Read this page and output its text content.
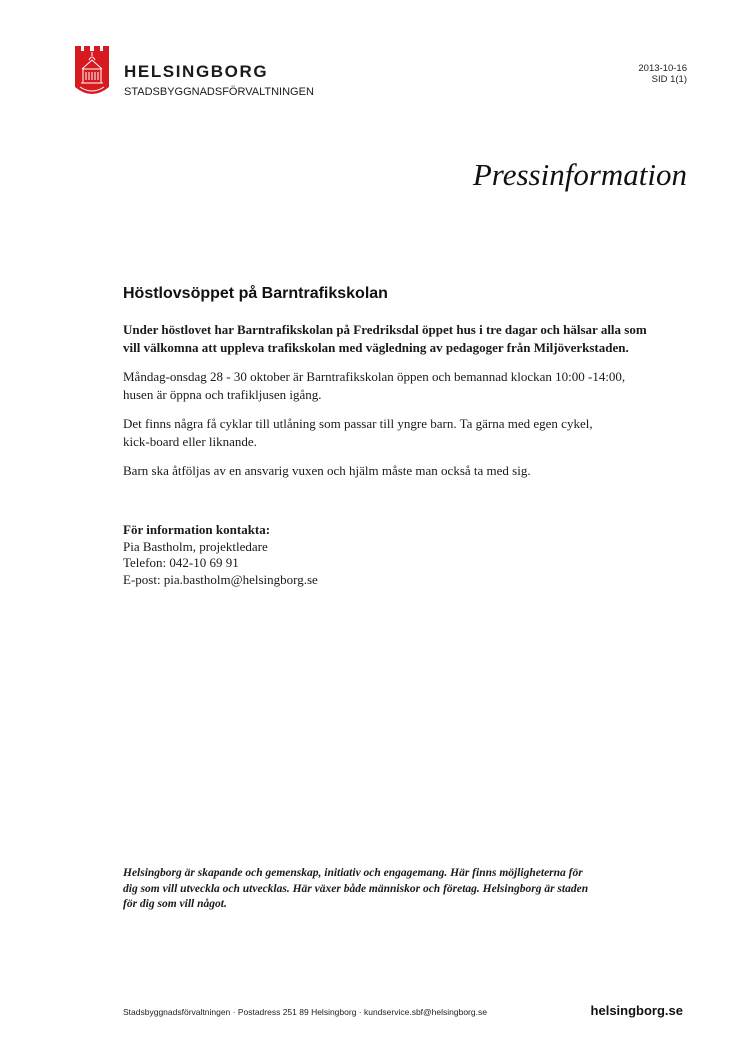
HELSINGBORG
STADSBYGGNADSFÖRVALTNINGEN
2013-10-16
SID 1(1)
Pressinformation
Höstlovsöppet på Barntrafikskolan

Under höstlovet har Barntrafikskolan på Fredriksdal öppet hus i tre dagar och hälsar alla som
vill välkomna att uppleva trafikskolan med vägledning av pedagoger från Miljöverkstaden.

Måndag-onsdag 28 - 30 oktober är Barntrafikskolan öppen och bemannad klockan 10:00 -14:00,
husen är öppna och trafikljusen igång.

Det finns några få cyklar till utlåning som passar till yngre barn. Ta gärna med egen cykel,
kick-board eller liknande.

Barn ska åtföljas av en ansvarig vuxen och hjälm måste man också ta med sig.

För information kontakta:
Pia Bastholm, projektledare
Telefon: 042-10 69 91
E-post: pia.bastholm@helsingborg.se
Helsingborg är skapande och gemenskap, initiativ och engagemang. Här finns möjligheterna för
dig som vill utveckla och utvecklas. Här växer både människor och företag. Helsingborg är staden
för dig som vill något.
Stadsbyggnadsförvaltningen · Postadress 251 89 Helsingborg · kundservice.sbf@helsingborg.se	helsingborg.se
